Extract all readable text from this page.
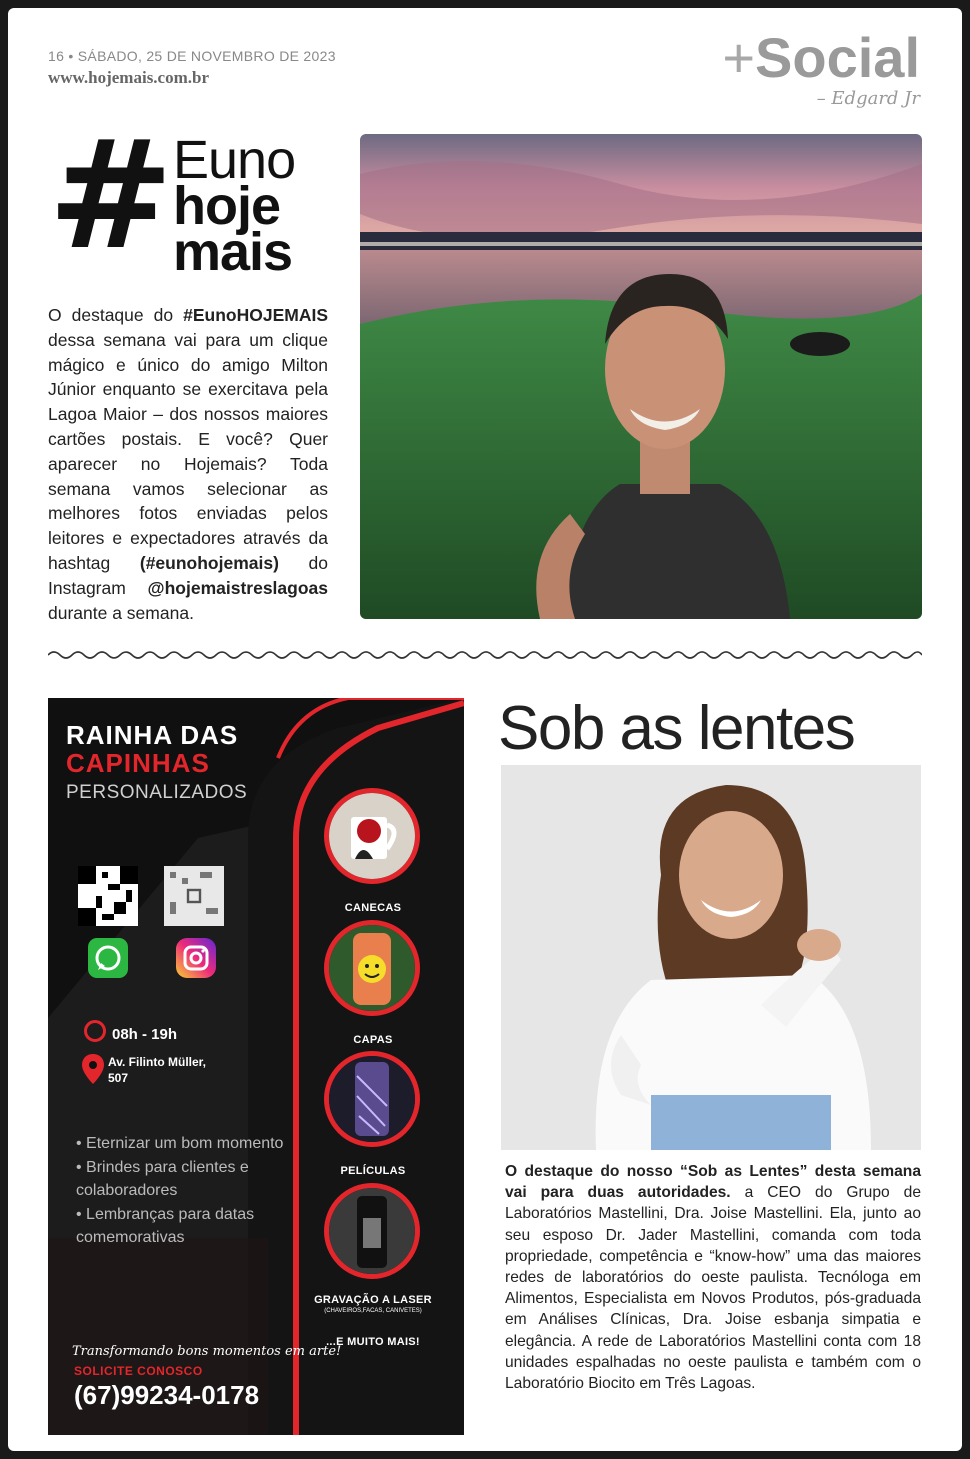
16 • SÁBADO, 25 DE NOVEMBRO DE 2023
www.hojemais.com.br	+Social
– Edgard Jr
# Euno
hoje
mais
O destaque do #EunoHOJEMAIS dessa semana vai para um clique mágico e único do amigo Milton Júnior enquanto se exercitava pela Lagoa Maior – dos nossos maiores cartões postais. E você? Quer aparecer no Hojemais? Toda semana vamos selecionar as melhores fotos enviadas pelos leitores e expectadores através da hashtag (#eunohojemais) do Instagram @hojemaistreslagoas durante a semana.
RAINHA DAS
CAPINHAS
PERSONALIZADOS
08h - 19h
Av. Filinto Müller,
507
• Eternizar um bom momento
• Brindes para clientes e colaboradores
• Lembranças para datas comemorativas
CANECAS
CAPAS
PELÍCULAS
GRAVAÇÃO A LASER
(CHAVEIROS,FACAS, CANIVETES)
...E MUITO MAIS!
Transformando bons momentos em arte!
SOLICITE CONOSCO
(67)99234-0178
Sob as lentes
O destaque do nosso “Sob as Lentes” desta semana vai para duas autoridades. a CEO do Grupo de Laboratórios Mastellini, Dra. Joise Mastellini. Ela, junto ao seu esposo Dr. Jader Mastellini, comanda com toda propriedade, competência e “know-how” uma das maiores redes de laboratórios do oeste paulista. Tecnóloga em Alimentos, Especialista em Novos Produtos, pós-graduada em Análises Clínicas, Dra. Joise esbanja simpatia e elegância. A rede de Laboratórios Mastellini conta com 18 unidades espalhadas no oeste paulista e também com o Laboratório Biocito em Três Lagoas.
